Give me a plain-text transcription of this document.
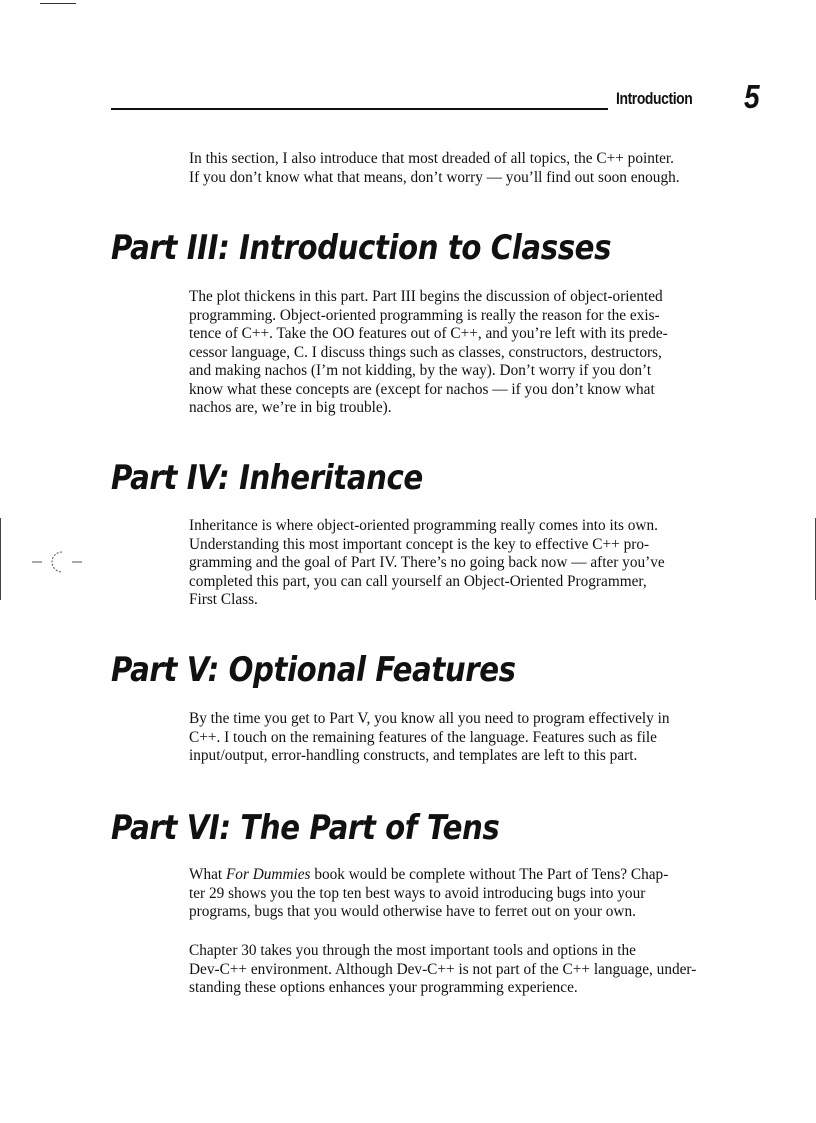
Introduction 5
In this section, I also introduce that most dreaded of all topics, the C++ pointer.
If you don’t know what that means, don’t worry — you’ll find out soon enough.
Part III: Introduction to Classes
The plot thickens in this part. Part III begins the discussion of object-oriented
programming. Object-oriented programming is really the reason for the exis-
tence of C++. Take the OO features out of C++, and you’re left with its prede-
cessor language, C. I discuss things such as classes, constructors, destructors,
and making nachos (I’m not kidding, by the way). Don’t worry if you don’t
know what these concepts are (except for nachos — if you don’t know what
nachos are, we’re in big trouble).
Part IV: Inheritance
Inheritance is where object-oriented programming really comes into its own.
Understanding this most important concept is the key to effective C++ pro-
gramming and the goal of Part IV. There’s no going back now — after you’ve
completed this part, you can call yourself an Object-Oriented Programmer,
First Class.
Part V: Optional Features
By the time you get to Part V, you know all you need to program effectively in
C++. I touch on the remaining features of the language. Features such as file
input/output, error-handling constructs, and templates are left to this part.
Part VI: The Part of Tens
What For Dummies book would be complete without The Part of Tens? Chap-
ter 29 shows you the top ten best ways to avoid introducing bugs into your
programs, bugs that you would otherwise have to ferret out on your own.
Chapter 30 takes you through the most important tools and options in the
Dev-C++ environment. Although Dev-C++ is not part of the C++ language, under-
standing these options enhances your programming experience.
